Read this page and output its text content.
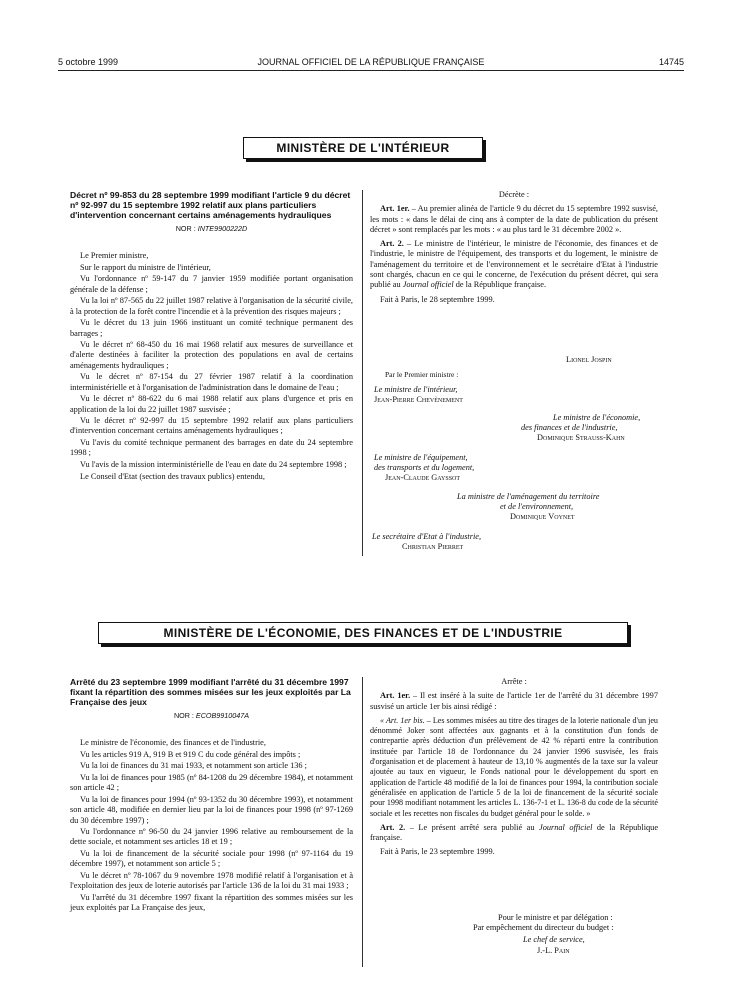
5 octobre 1999	JOURNAL OFFICIEL DE LA RÉPUBLIQUE FRANÇAISE	14745
MINISTÈRE DE L'INTÉRIEUR
Décret nº 99-853 du 28 septembre 1999 modifiant l'article 9 du décret nº 92-997 du 15 septembre 1992 relatif aux plans particuliers d'intervention concernant certains aménagements hydrauliques
NOR : INTE9900222D

Le Premier ministre,

Sur le rapport du ministre de l'intérieur,

Vu l'ordonnance nº 59-147 du 7 janvier 1959 modifiée portant organisation générale de la défense ;

Vu la loi nº 87-565 du 22 juillet 1987 relative à l'organisation de la sécurité civile, à la protection de la forêt contre l'incendie et à la prévention des risques majeurs ;

Vu le décret du 13 juin 1966 instituant un comité technique permanent des barrages ;

Vu le décret nº 68-450 du 16 mai 1968 relatif aux mesures de surveillance et d'alerte destinées à faciliter la protection des populations en aval de certains aménagements hydrauliques ;

Vu le décret nº 87-154 du 27 février 1987 relatif à la coordination interministérielle et à l'organisation de l'administration dans le domaine de l'eau ;

Vu le décret nº 88-622 du 6 mai 1988 relatif aux plans d'urgence et pris en application de la loi du 22 juillet 1987 susvisée ;

Vu le décret nº 92-997 du 15 septembre 1992 relatif aux plans particuliers d'intervention concernant certains aménagements hydrauliques ;

Vu l'avis du comité technique permanent des barrages en date du 24 septembre 1998 ;

Vu l'avis de la mission interministérielle de l'eau en date du 24 septembre 1998 ;

Le Conseil d'Etat (section des travaux publics) entendu,

Décrète :

Art. 1er. – Au premier alinéa de l'article 9 du décret du 15 septembre 1992 susvisé, les mots : « dans le délai de cinq ans à compter de la date de publication du présent décret » sont remplacés par les mots : « au plus tard le 31 décembre 2002 ».

Art. 2. – Le ministre de l'intérieur, le ministre de l'économie, des finances et de l'industrie, le ministre de l'équipement, des transports et du logement, le ministre de l'aménagement du territoire et de l'environnement et le secrétaire d'Etat à l'industrie sont chargés, chacun en ce qui le concerne, de l'exécution du présent décret, qui sera publié au Journal officiel de la République française.

Fait à Paris, le 28 septembre 1999.

Lionel Jospin
Par le Premier ministre :
Le ministre de l'intérieur,
Jean-Pierre Chevènement
Le ministre de l'économie,
des finances et de l'industrie,
Dominique Strauss-Kahn
Le ministre de l'équipement,
des transports et du logement,
Jean-Claude Gayssot
La ministre de l'aménagement du territoire
et de l'environnement,
Dominique Voynet
Le secrétaire d'Etat à l'industrie,
Christian Pierret
MINISTÈRE DE L'ÉCONOMIE, DES FINANCES ET DE L'INDUSTRIE
Arrêté du 23 septembre 1999 modifiant l'arrêté du 31 décembre 1997 fixant la répartition des sommes misées sur les jeux exploités par La Française des jeux
NOR : ECOB9910047A

Le ministre de l'économie, des finances et de l'industrie,

Vu les articles 919 A, 919 B et 919 C du code général des impôts ;

Vu la loi de finances du 31 mai 1933, et notamment son article 136 ;

Vu la loi de finances pour 1985 (nº 84-1208 du 29 décembre 1984), et notamment son article 42 ;

Vu la loi de finances pour 1994 (nº 93-1352 du 30 décembre 1993), et notamment son article 48, modifiée en dernier lieu par la loi de finances pour 1998 (nº 97-1269 du 30 décembre 1997) ;

Vu l'ordonnance nº 96-50 du 24 janvier 1996 relative au remboursement de la dette sociale, et notamment ses articles 18 et 19 ;

Vu la loi de financement de la sécurité sociale pour 1998 (nº 97-1164 du 19 décembre 1997), et notamment son article 5 ;

Vu le décret nº 78-1067 du 9 novembre 1978 modifié relatif à l'organisation et à l'exploitation des jeux de loterie autorisés par l'article 136 de la loi du 31 mai 1933 ;

Vu l'arrêté du 31 décembre 1997 fixant la répartition des sommes misées sur les jeux exploités par La Française des jeux,

Arrête :

Art. 1er. – Il est inséré à la suite de l'article 1er de l'arrêté du 31 décembre 1997 susvisé un article 1er bis ainsi rédigé :

« Art. 1er bis. – Les sommes misées au titre des tirages de la loterie nationale d'un jeu dénommé Joker sont affectées aux gagnants et à la constitution d'un fonds de contrepartie après déduction d'un prélèvement de 42 % réparti entre la contribution instituée par l'article 18 de l'ordonnance du 24 janvier 1996 susvisée, les frais d'organisation et de placement à hauteur de 13,10 % augmentés de la taxe sur la valeur ajoutée au taux en vigueur, le Fonds national pour le développement du sport en application de l'article 48 modifié de la loi de finances pour 1994, la contribution sociale généralisée en application de l'article 5 de la loi de financement de la sécurité sociale pour 1998 modifiant notamment les articles L. 136-7-1 et L. 136-8 du code de la sécurité sociale et les recettes non fiscales du budget général pour le solde. »

Art. 2. – Le présent arrêté sera publié au Journal officiel de la République française.

Fait à Paris, le 23 septembre 1999.

Pour le ministre et par délégation :
Par empêchement du directeur du budget :
Le chef de service,
J.-L. Pain
